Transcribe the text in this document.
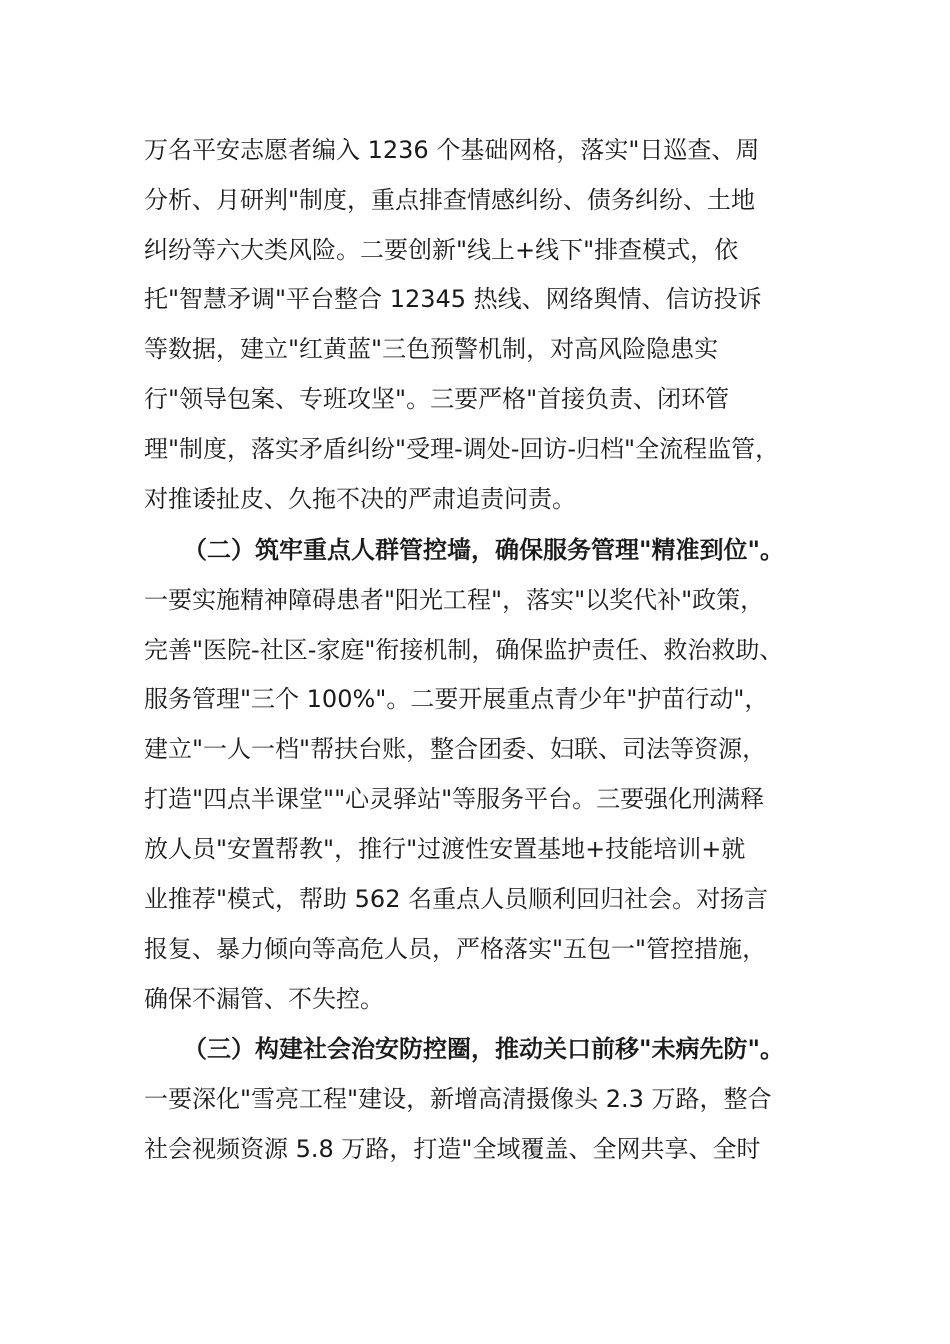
万名平安志愿者编入 1236 个基础网格，落实"日巡查、周
分析、月研判"制度，重点排查情感纠纷、债务纠纷、土地
纠纷等六大类风险。二要创新"线上+线下"排查模式，依
托"智慧矛调"平台整合 12345 热线、网络舆情、信访投诉
等数据，建立"红黄蓝"三色预警机制，对高风险隐患实
行"领导包案、专班攻坚"。三要严格"首接负责、闭环管
理"制度，落实矛盾纠纷"受理-调处-回访-归档"全流程监管，
对推诿扯皮、久拖不决的严肃追责问责。
（二）筑牢重点人群管控墙，确保服务管理"精准到位"。
一要实施精神障碍患者"阳光工程"，落实"以奖代补"政策，
完善"医院-社区-家庭"衔接机制，确保监护责任、救治救助、
服务管理"三个 100%"。二要开展重点青少年"护苗行动"，
建立"一人一档"帮扶台账，整合团委、妇联、司法等资源，
打造"四点半课堂""心灵驿站"等服务平台。三要强化刑满释
放人员"安置帮教"，推行"过渡性安置基地+技能培训+就
业推荐"模式，帮助 562 名重点人员顺利回归社会。对扬言
报复、暴力倾向等高危人员，严格落实"五包一"管控措施，
确保不漏管、不失控。
（三）构建社会治安防控圈，推动关口前移"未病先防"。
一要深化"雪亮工程"建设，新增高清摄像头 2.3 万路，整合
社会视频资源 5.8 万路，打造"全域覆盖、全网共享、全时
